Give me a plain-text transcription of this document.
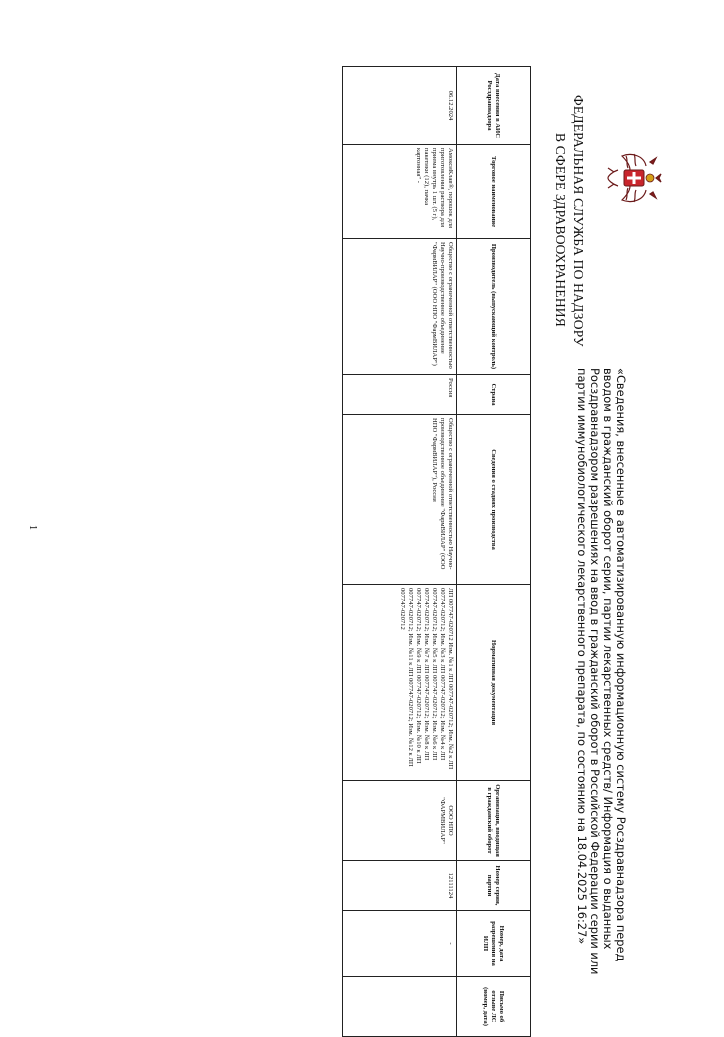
ФЕДЕРАЛЬНАЯ СЛУЖБА ПО НАДЗОРУ
В СФЕРЕ ЗДРАВООХРАНЕНИЯ
«Сведения, внесенные в автоматизированную информационную систему Росздравнадзора перед вводом в гражданский оборот серии, партии лекарственных средств/ Информация о выданных Росздравнадзором разрешениях на ввод в гражданский оборот в Российской Федерации серии или партии иммунобиологического лекарственного препарата, по состоянию на 18.04.2025 16:27»
Дата внесения в АИС Росздравнадзора	Торговое наименование	Производитель (выпускающий контроль)	Страна	Сведения о стадиях производства	Нормативная документация	Организация, вводящая в гражданский оборот	Номер серии, партии	Номер, дата разрешения на ИЛП	Письмо об отзыве ЛС (номер, дата)
06.12.2024	АмоксиКлав®, порошок для приготовления раствора для приема внутрь 1 шт. (5 г), пакетики (12), пачка картонная" -	Общество с ограниченной ответственностью Научно-производственное объединение "ФармВИЛАР" (ООО НПО "ФармВИЛАР")	Россия	Общество с ограниченной ответственностью Научно-производственное объединение "ФармВИЛАР" (ООО НПО "ФармВИЛАР"), Россия	ЛП 007747-020712 Изм. №1 к ЛП 007747-020712; Изм. №2 к ЛП 007747-020712; Изм. №3 к ЛП 007747-020712; Изм. №4 к ЛП 007747-020712; Изм. №5 к ЛП 007747-020712; Изм. №6 к ЛП 007747-020712; Изм. №7 к ЛП 007747-020712; Изм. №8 к ЛП 007747-020712; Изм. №9 к ЛП 007747-020712; Изм. №10 к ЛП 007747-020712; Изм. №11 к ЛП 007747-020712; Изм. №12 к ЛП 007747-020712	ООО НПО "ФАРМВИЛАР"	12111124	-	
1
